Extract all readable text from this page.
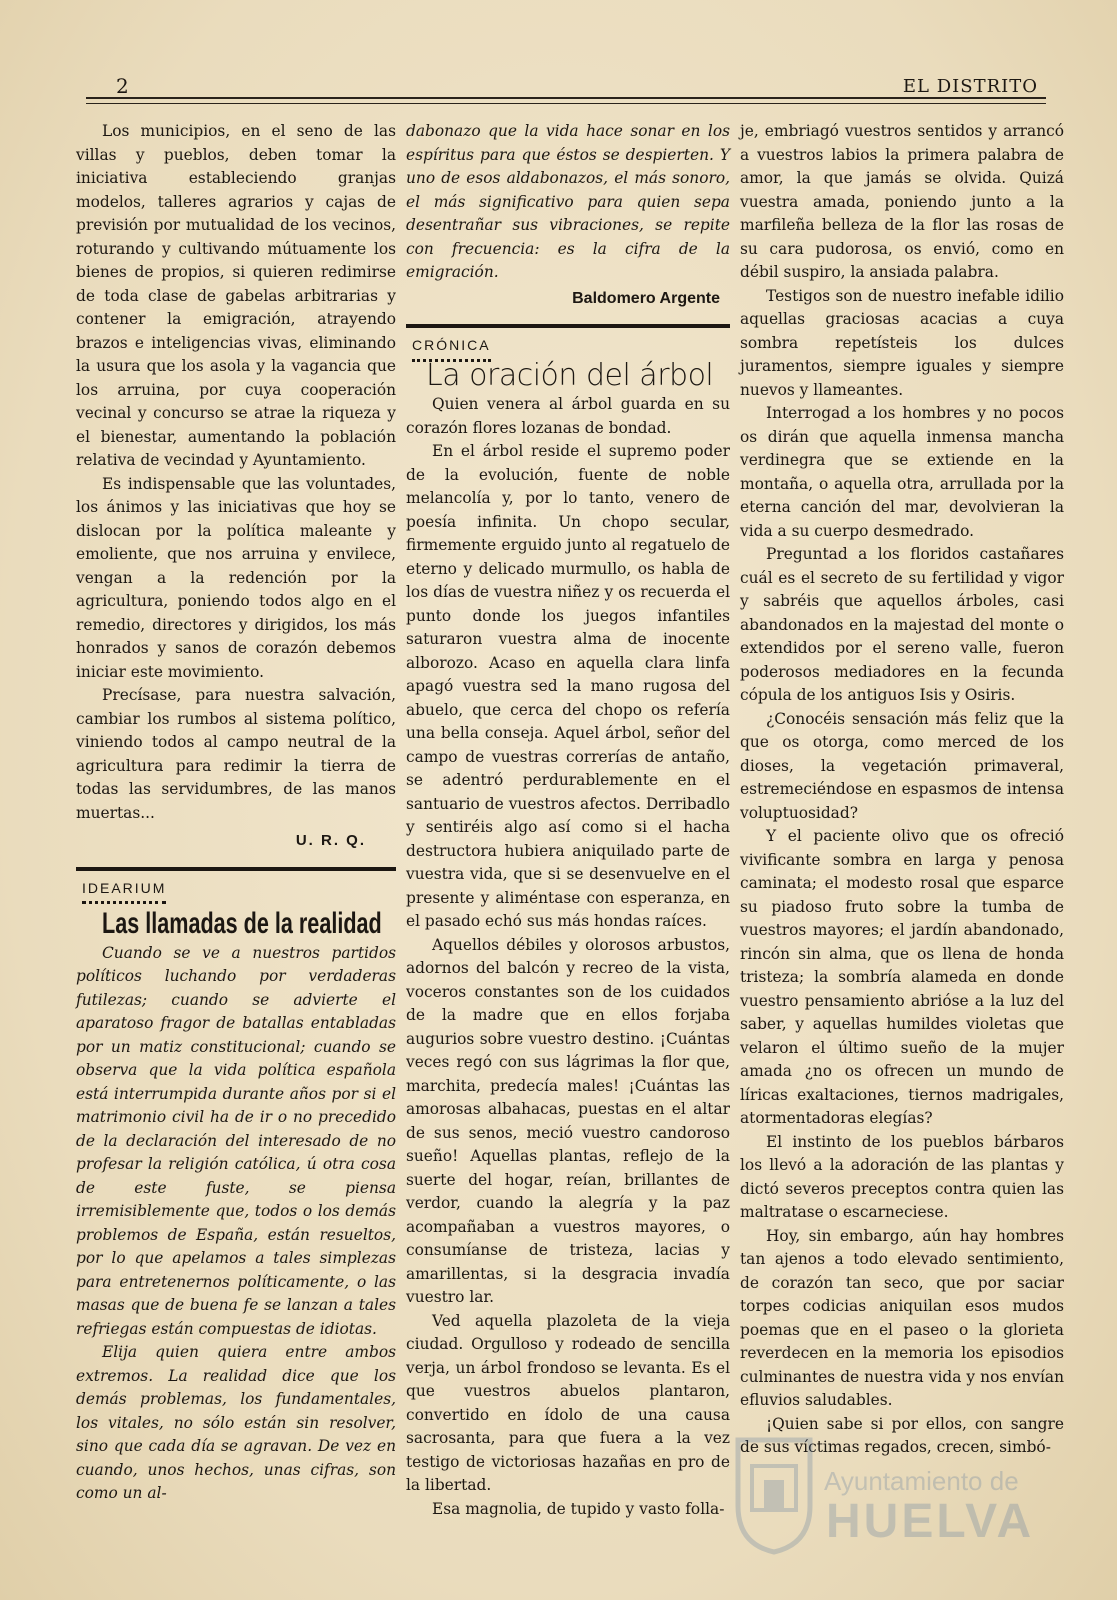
2	EL DISTRITO

Los municipios, en el seno de las villas y pueblos, deben tomar la iniciativa estableciendo granjas modelos, talleres agrarios y cajas de previsión por mutualidad de los vecinos, roturando y cultivando mútuamente los bienes de propios, si quieren redimirse de toda clase de gabelas arbitrarias y contener la emigración, atrayendo brazos e inteligencias vivas, eliminando la usura que los asola y la vagancia que los arruina, por cuya cooperación vecinal y concurso se atrae la riqueza y el bienestar, aumentando la población relativa de vecindad y Ayuntamiento.

Es indispensable que las voluntades, los ánimos y las iniciativas que hoy se dislocan por la política maleante y emoliente, que nos arruina y envilece, vengan a la redención por la agricultura, poniendo todos algo en el remedio, directores y dirigidos, los más honrados y sanos de corazón debemos iniciar este movimiento.

Precísase, para nuestra salvación, cambiar los rumbos al sistema político, viniendo todos al campo neutral de la agricultura para redimir la tierra de todas las servidumbres, de las manos muertas...

U. R. Q.
IDEARIUM
Las llamadas de la realidad

Cuando se ve a nuestros partidos políticos luchando por verdaderas futilezas; cuando se advierte el aparatoso fragor de batallas entabladas por un matiz constitucional; cuando se observa que la vida política española está interrumpida durante años por si el matrimonio civil ha de ir o no precedido de la declaración del interesado de no profesar la religión católica, ú otra cosa de este fuste, se piensa irremisiblemente que, todos o los demás problemos de España, están resueltos, por lo que apelamos a tales simplezas para entretenernos políticamente, o las masas que de buena fe se lanzan a tales refriegas están compuestas de idiotas.

Elija quien quiera entre ambos extremos. La realidad dice que los demás problemas, los fundamentales, los vitales, no sólo están sin resolver, sino que cada día se agravan. De vez en cuando, unos hechos, unas cifras, son como un al-

dabonazo que la vida hace sonar en los espíritus para que éstos se despierten. Y uno de esos aldabonazos, el más sonoro, el más significativo para quien sepa desentrañar sus vibraciones, se repite con frecuencia: es la cifra de la emigración.

Baldomero Argente
CRÓNICA
La oración del árbol

Quien venera al árbol guarda en su corazón flores lozanas de bondad.

En el árbol reside el supremo poder de la evolución, fuente de noble melancolía y, por lo tanto, venero de poesía infinita. Un chopo secular, firmemente erguido junto al regatuelo de eterno y delicado murmullo, os habla de los días de vuestra niñez y os recuerda el punto donde los juegos infantiles saturaron vuestra alma de inocente alborozo. Acaso en aquella clara linfa apagó vuestra sed la mano rugosa del abuelo, que cerca del chopo os refería una bella conseja. Aquel árbol, señor del campo de vuestras correrías de antaño, se adentró perdurablemente en el santuario de vuestros afectos. Derribadlo y sentiréis algo así como si el hacha destructora hubiera aniquilado parte de vuestra vida, que si se desenvuelve en el presente y aliméntase con esperanza, en el pasado echó sus más hondas raíces.

Aquellos débiles y olorosos arbustos, adornos del balcón y recreo de la vista, voceros constantes son de los cuidados de la madre que en ellos forjaba augurios sobre vuestro destino. ¡Cuántas veces regó con sus lágrimas la flor que, marchita, predecía males! ¡Cuántas las amorosas albahacas, puestas en el altar de sus senos, meció vuestro candoroso sueño! Aquellas plantas, reflejo de la suerte del hogar, reían, brillantes de verdor, cuando la alegría y la paz acompañaban a vuestros mayores, o consumíanse de tristeza, lacias y amarillentas, si la desgracia invadía vuestro lar.

Ved aquella plazoleta de la vieja ciudad. Orgulloso y rodeado de sencilla verja, un árbol frondoso se levanta. Es el que vuestros abuelos plantaron, convertido en ídolo de una causa sacrosanta, para que fuera a la vez testigo de victoriosas hazañas en pro de la libertad.

Esa magnolia, de tupido y vasto folla-

je, embriagó vuestros sentidos y arrancó a vuestros labios la primera palabra de amor, la que jamás se olvida. Quizá vuestra amada, poniendo junto a la marfileña belleza de la flor las rosas de su cara pudorosa, os envió, como en débil suspiro, la ansiada palabra.

Testigos son de nuestro inefable idilio aquellas graciosas acacias a cuya sombra repetísteis los dulces juramentos, siempre iguales y siempre nuevos y llameantes.

Interrogad a los hombres y no pocos os dirán que aquella inmensa mancha verdinegra que se extiende en la montaña, o aquella otra, arrullada por la eterna canción del mar, devolvieran la vida a su cuerpo desmedrado.

Preguntad a los floridos castañares cuál es el secreto de su fertilidad y vigor y sabréis que aquellos árboles, casi abandonados en la majestad del monte o extendidos por el sereno valle, fueron poderosos mediadores en la fecunda cópula de los antiguos Isis y Osiris.

¿Conocéis sensación más feliz que la que os otorga, como merced de los dioses, la vegetación primaveral, estremeciéndose en espasmos de intensa voluptuosidad?

Y el paciente olivo que os ofreció vivificante sombra en larga y penosa caminata; el modesto rosal que esparce su piadoso fruto sobre la tumba de vuestros mayores; el jardín abandonado, rincón sin alma, que os llena de honda tristeza; la sombría alameda en donde vuestro pensamiento abrióse a la luz del saber, y aquellas humildes violetas que velaron el último sueño de la mujer amada ¿no os ofrecen un mundo de líricas exaltaciones, tiernos madrigales, atormentadoras elegías?

El instinto de los pueblos bárbaros los llevó a la adoración de las plantas y dictó severos preceptos contra quien las maltratase o escarneciese.

Hoy, sin embargo, aún hay hombres tan ajenos a todo elevado sentimiento, de corazón tan seco, que por saciar torpes codicias aniquilan esos mudos poemas que en el paseo o la glorieta reverdecen en la memoria los episodios culminantes de nuestra vida y nos envían efluvios saludables.

¡Quien sabe si por ellos, con sangre de sus víctimas regados, crecen, simbó-

Ayuntamiento de
HUELVA
